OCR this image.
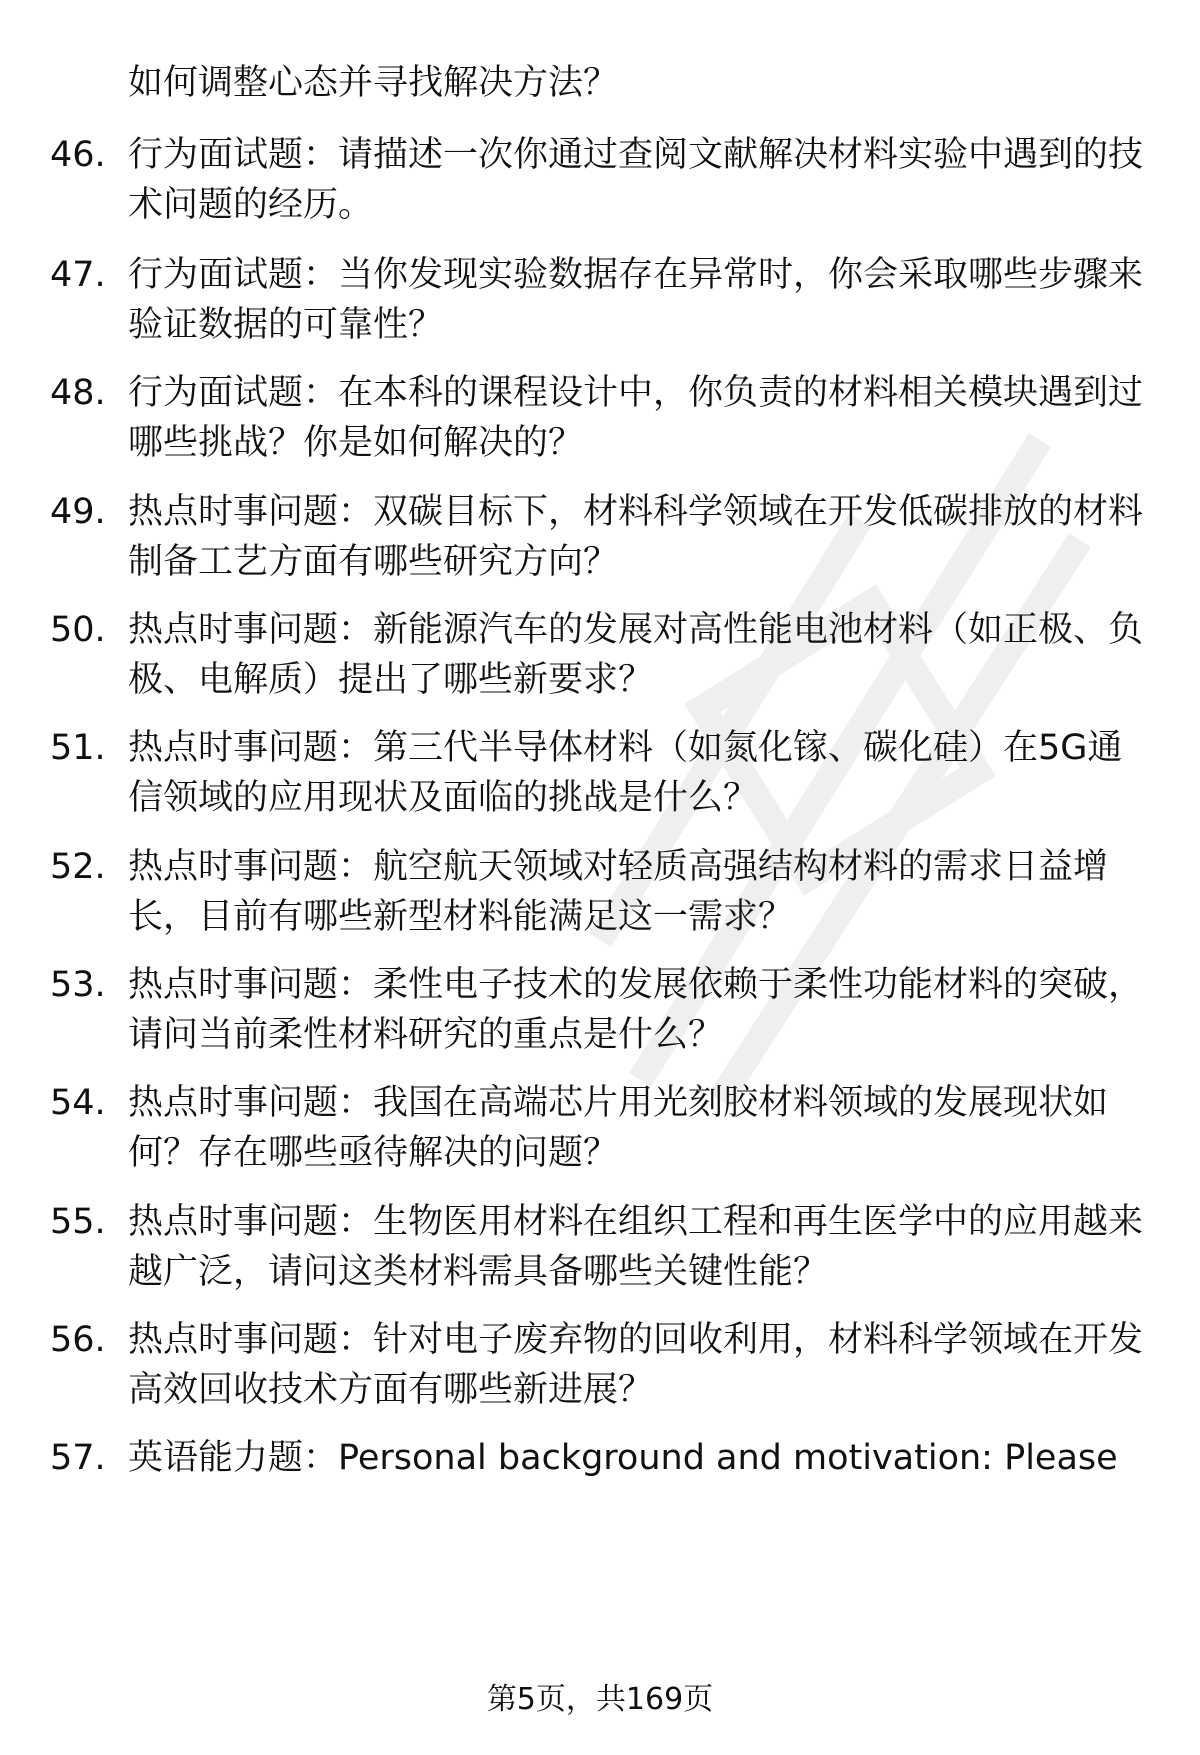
如何调整心态并寻找解决方法？
46. 行为面试题：请描述一次你通过查阅文献解决材料实验中遇到的技术问题的经历。
47. 行为面试题：当你发现实验数据存在异常时，你会采取哪些步骤来验证数据的可靠性？
48. 行为面试题：在本科的课程设计中，你负责的材料相关模块遇到过哪些挑战？你是如何解决的？
49. 热点时事问题：双碳目标下，材料科学领域在开发低碳排放的材料制备工艺方面有哪些研究方向？
50. 热点时事问题：新能源汽车的发展对高性能电池材料（如正极、负极、电解质）提出了哪些新要求？
51. 热点时事问题：第三代半导体材料（如氮化镓、碳化硅）在5G通信领域的应用现状及面临的挑战是什么？
52. 热点时事问题：航空航天领域对轻质高强结构材料的需求日益增长，目前有哪些新型材料能满足这一需求？
53. 热点时事问题：柔性电子技术的发展依赖于柔性功能材料的突破，请问当前柔性材料研究的重点是什么？
54. 热点时事问题：我国在高端芯片用光刻胶材料领域的发展现状如何？存在哪些亟待解决的问题？
55. 热点时事问题：生物医用材料在组织工程和再生医学中的应用越来越广泛，请问这类材料需具备哪些关键性能？
56. 热点时事问题：针对电子废弃物的回收利用，材料科学领域在开发高效回收技术方面有哪些新进展？
57. 英语能力题：Personal background and motivation: Please
第5页，共169页
